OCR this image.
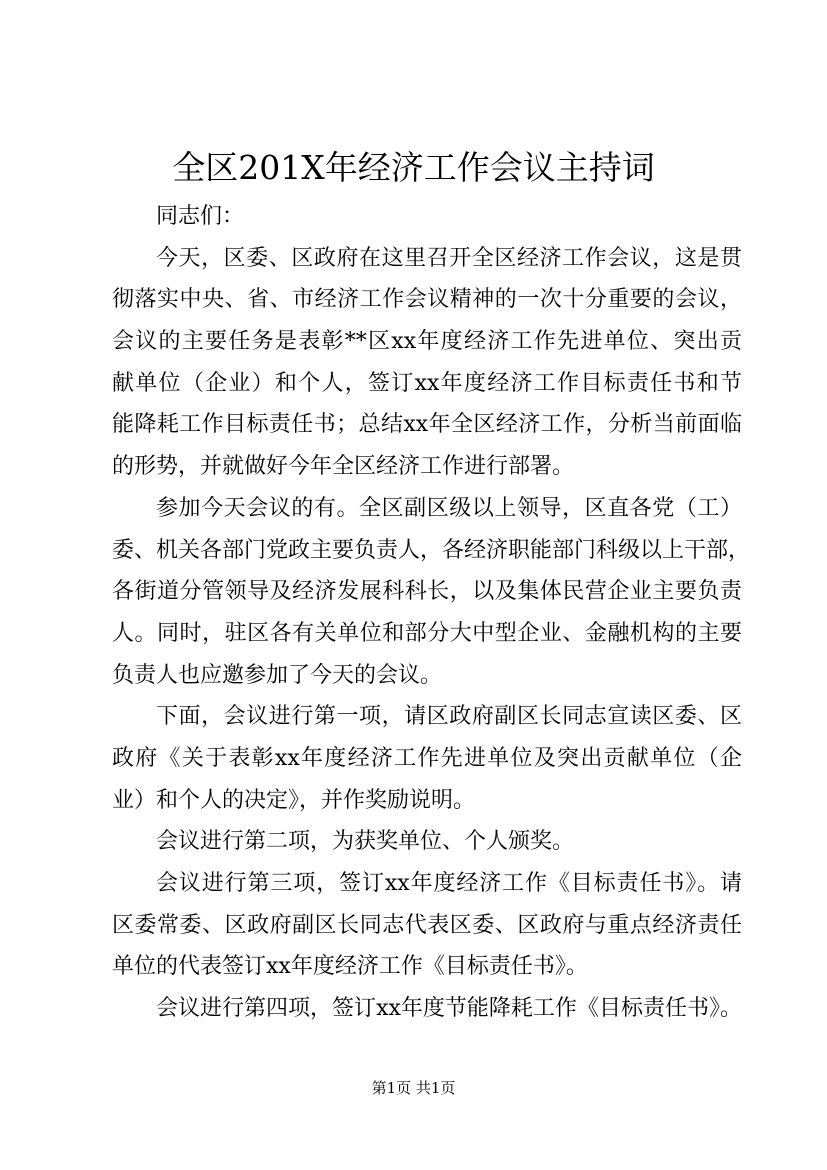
全区201X年经济工作会议主持词
同志们：
今天，区委、区政府在这里召开全区经济工作会议，这是贯
彻落实中央、省、市经济工作会议精神的一次十分重要的会议，
会议的主要任务是表彰**区xx年度经济工作先进单位、突出贡
献单位（企业）和个人，签订xx年度经济工作目标责任书和节
能降耗工作目标责任书；总结xx年全区经济工作，分析当前面临
的形势，并就做好今年全区经济工作进行部署。
参加今天会议的有。全区副区级以上领导，区直各党（工）
委、机关各部门党政主要负责人，各经济职能部门科级以上干部，
各街道分管领导及经济发展科科长，以及集体民营企业主要负责
人。同时，驻区各有关单位和部分大中型企业、金融机构的主要
负责人也应邀参加了今天的会议。
下面，会议进行第一项，请区政府副区长同志宣读区委、区
政府《关于表彰xx年度经济工作先进单位及突出贡献单位（企
业）和个人的决定》，并作奖励说明。
会议进行第二项，为获奖单位、个人颁奖。
会议进行第三项，签订xx年度经济工作《目标责任书》。请
区委常委、区政府副区长同志代表区委、区政府与重点经济责任
单位的代表签订xx年度经济工作《目标责任书》。
会议进行第四项，签订xx年度节能降耗工作《目标责任书》。
第1页 共1页
